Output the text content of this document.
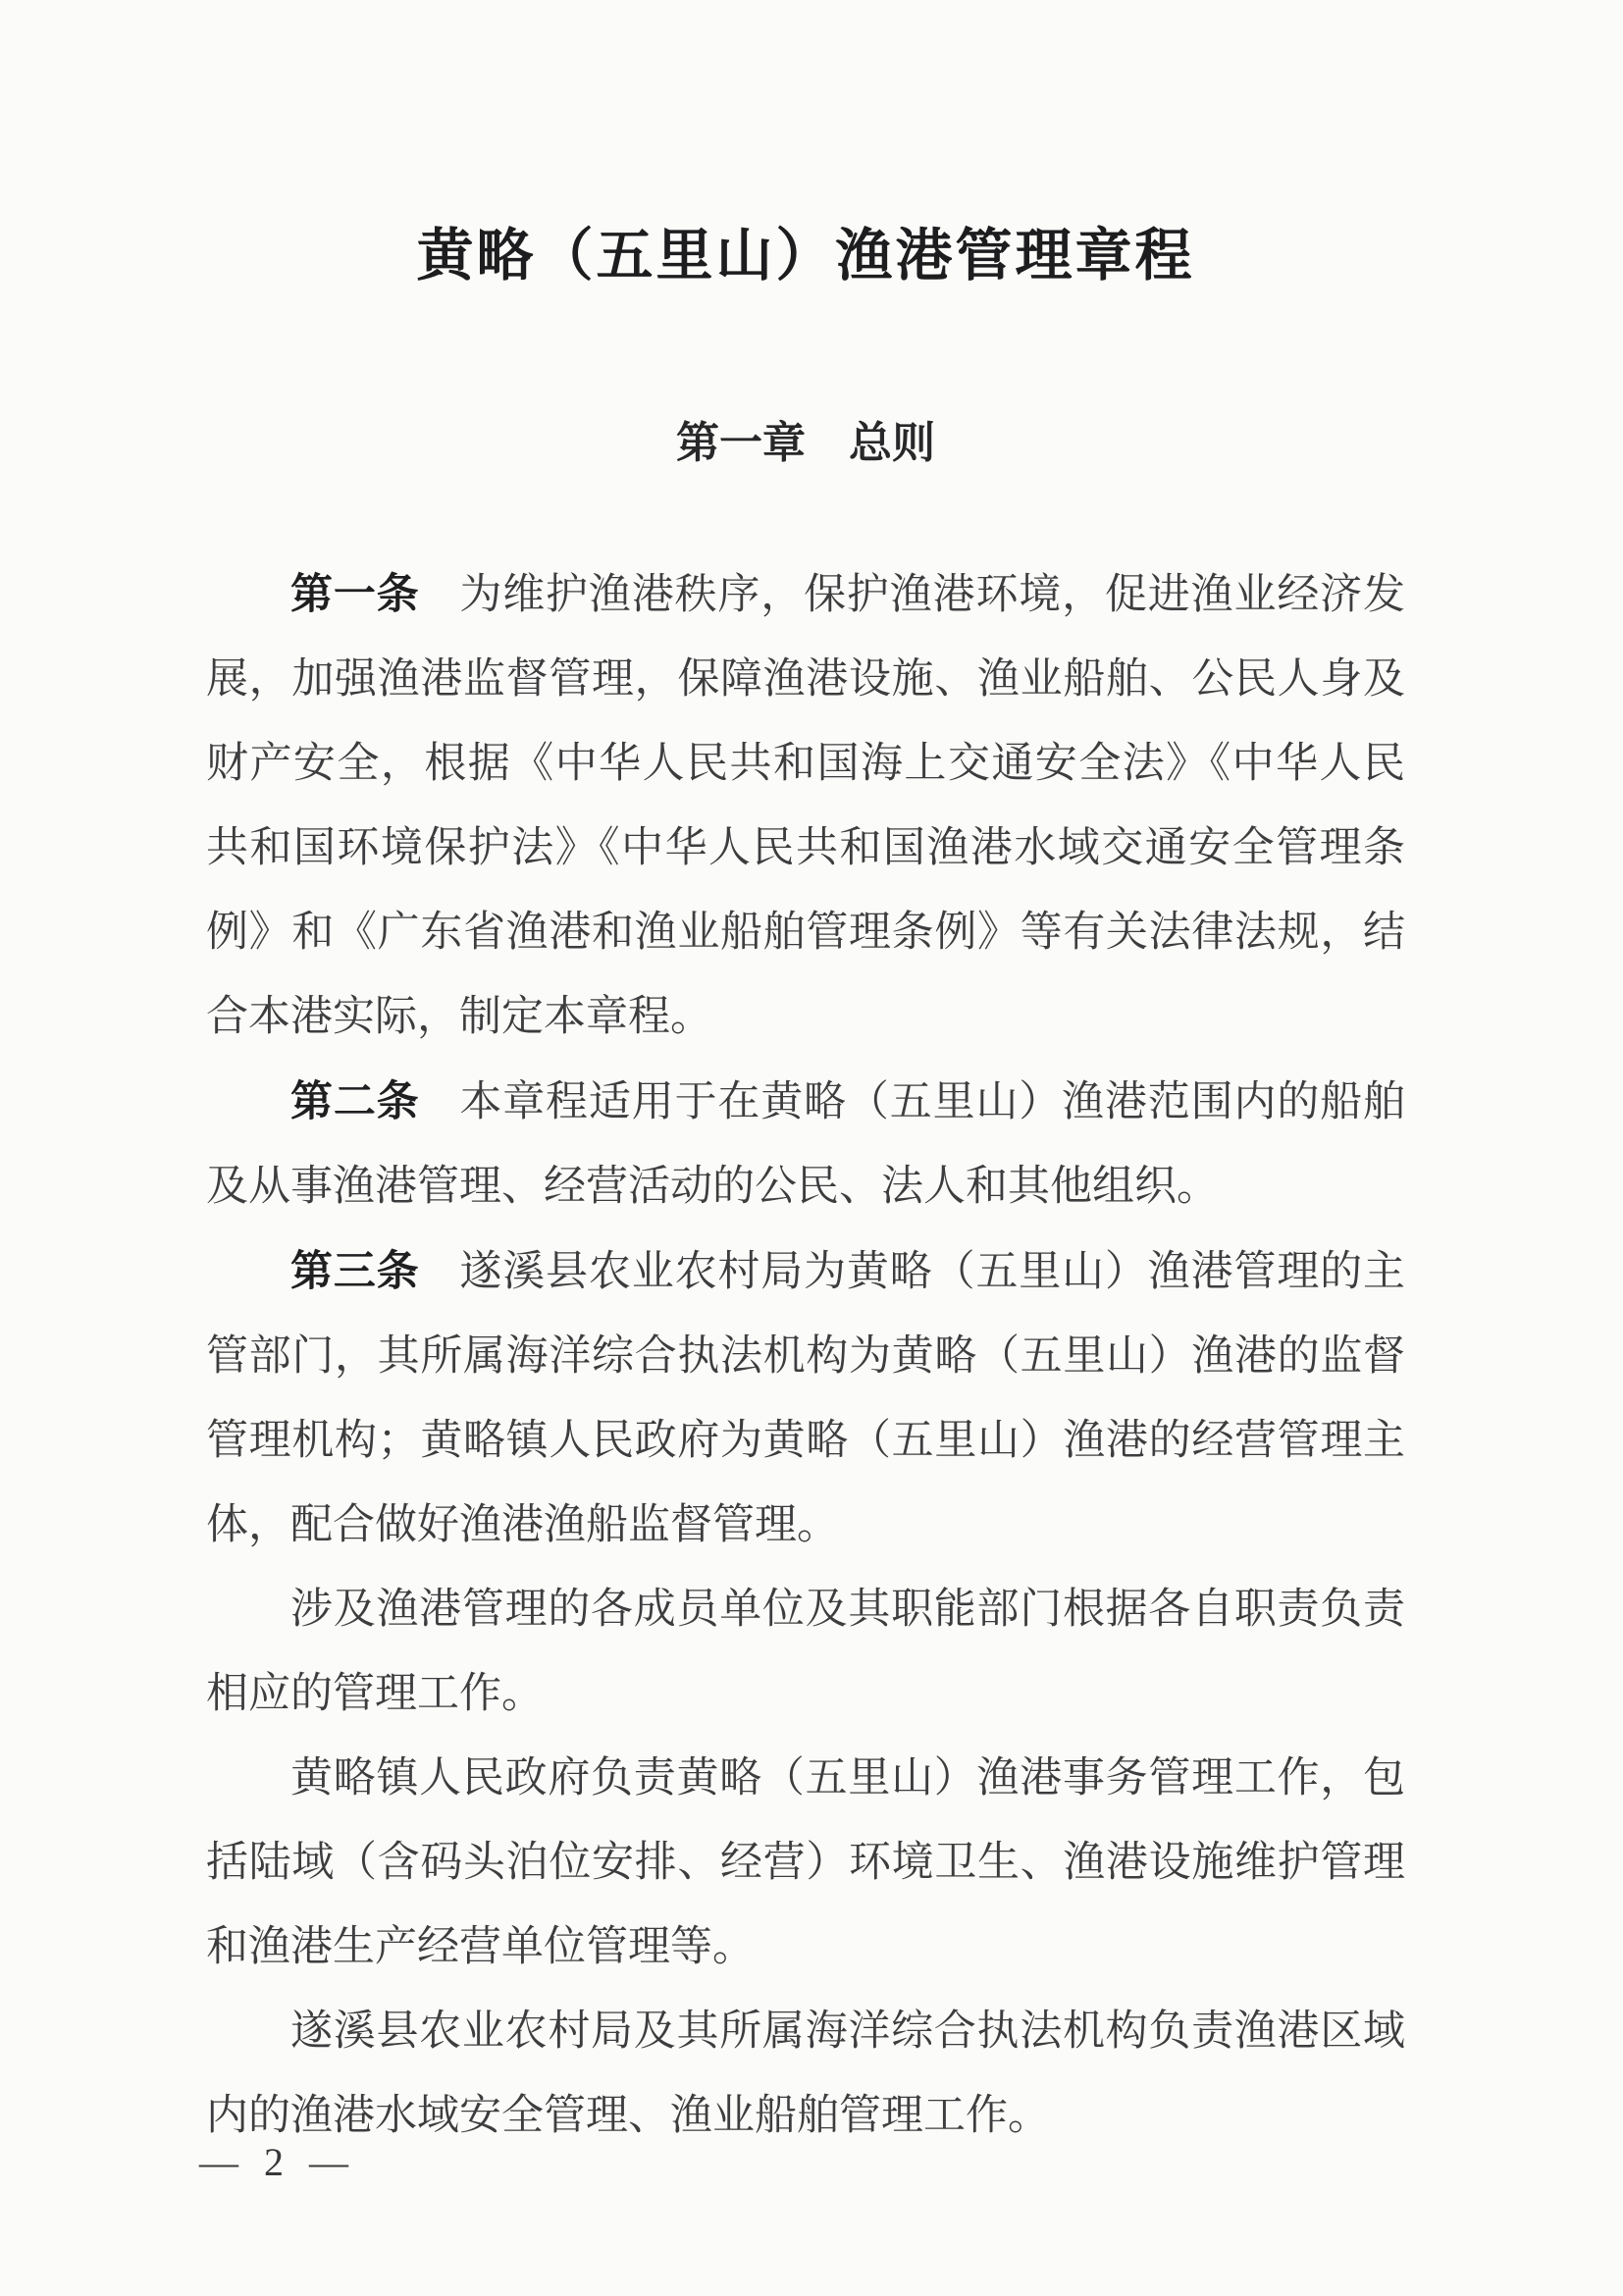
黄略（五里山）渔港管理章程
第一章　总则

第一条 为维护渔港秩序，保护渔港环境，促进渔业经济发展，加强渔港监督管理，保障渔港设施、渔业船舶、公民人身及财产安全，根据《中华人民共和国海上交通安全法》《中华人民共和国环境保护法》《中华人民共和国渔港水域交通安全管理条例》和《广东省渔港和渔业船舶管理条例》等有关法律法规，结合本港实际，制定本章程。

第二条 本章程适用于在黄略（五里山）渔港范围内的船舶及从事渔港管理、经营活动的公民、法人和其他组织。

第三条 遂溪县农业农村局为黄略（五里山）渔港管理的主管部门，其所属海洋综合执法机构为黄略（五里山）渔港的监督管理机构；黄略镇人民政府为黄略（五里山）渔港的经营管理主体，配合做好渔港渔船监督管理。

涉及渔港管理的各成员单位及其职能部门根据各自职责负责相应的管理工作。

黄略镇人民政府负责黄略（五里山）渔港事务管理工作，包括陆域（含码头泊位安排、经营）环境卫生、渔港设施维护管理和渔港生产经营单位管理等。

遂溪县农业农村局及其所属海洋综合执法机构负责渔港区域内的渔港水域安全管理、渔业船舶管理工作。

— 2 —
